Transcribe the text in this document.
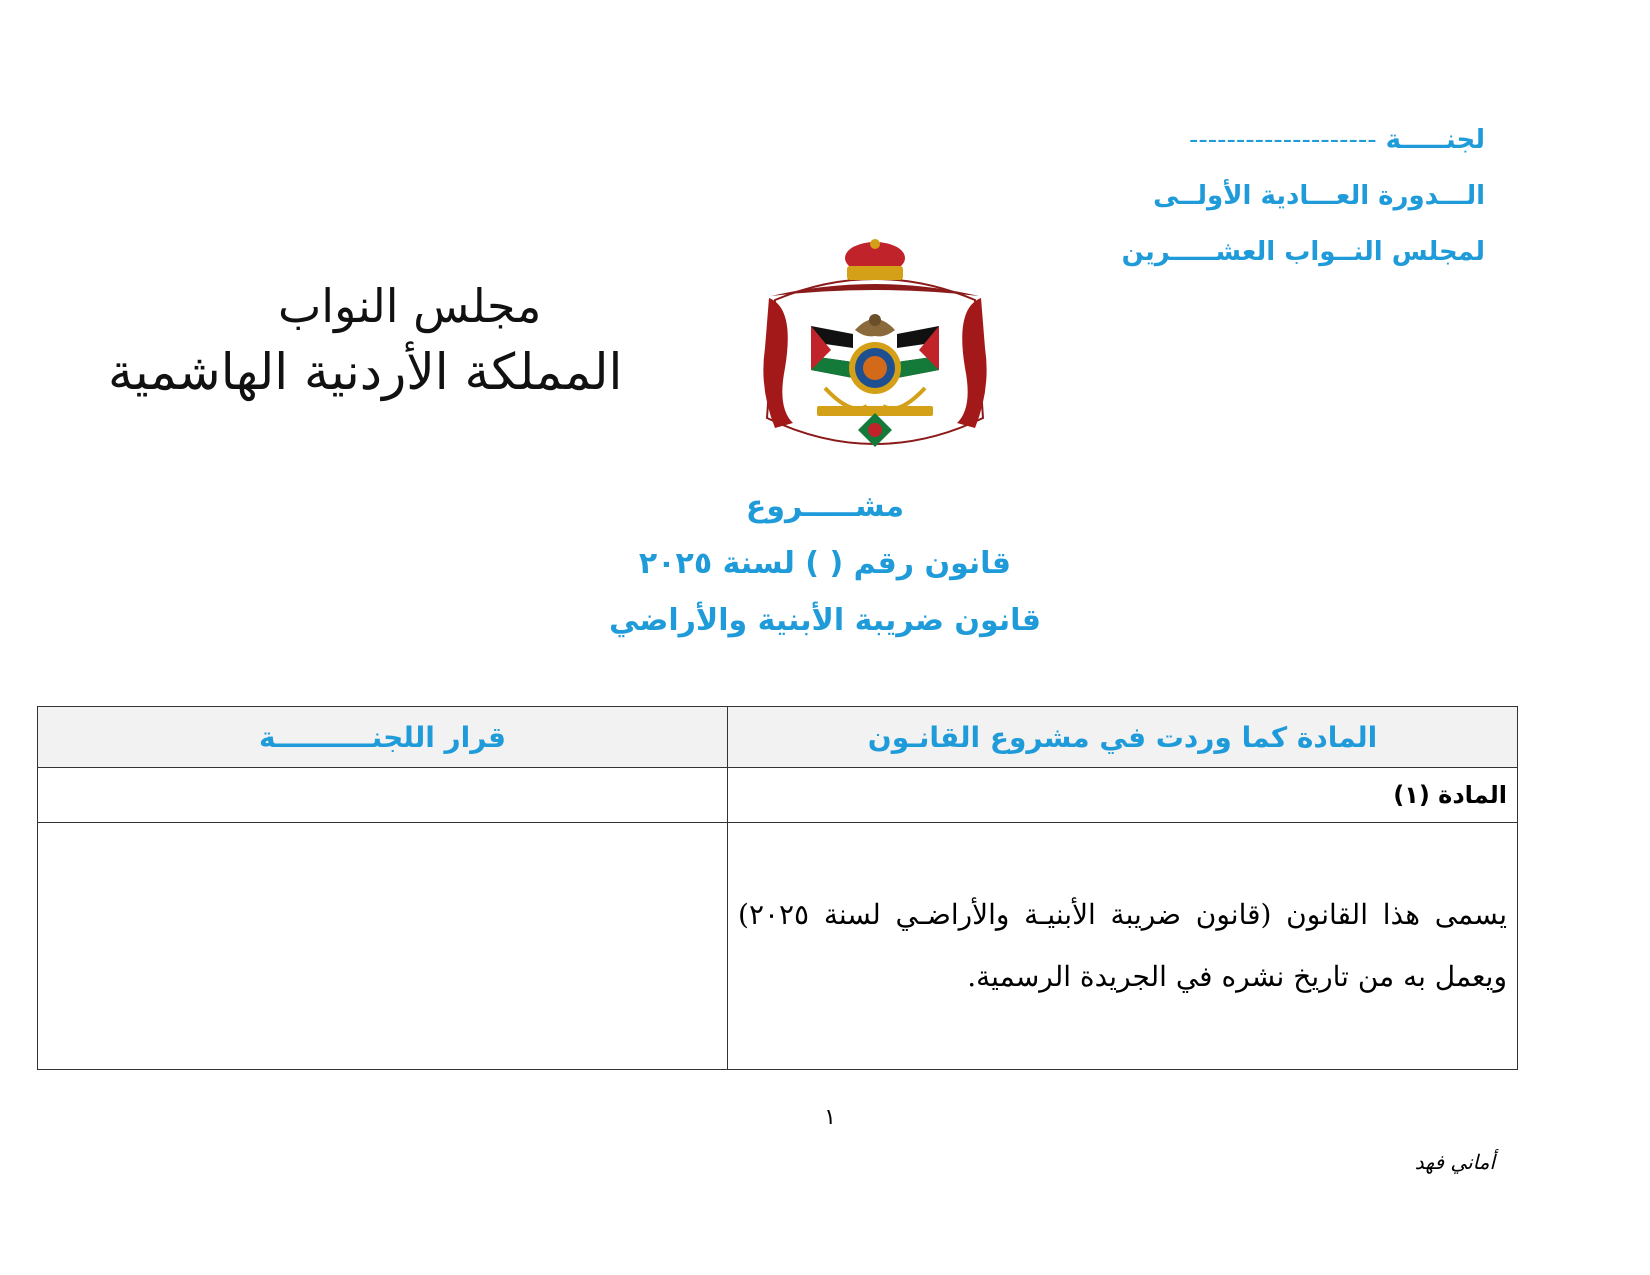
لجنـــــة --------------------
الـــدورة العـــادية الأولــى
لمجلس النــواب العشـــــرين
مجلس النواب
المملكة الأردنية الهاشمية
مشـــــروع
قانون رقم ( ) لسنة ٢٠٢٥
قانون ضريبة الأبنية والأراضي
المادة كما وردت في مشروع القانـون	قرار اللجنــــــــــة
المادة (١)	
يسمى هذا القانون (قانون ضريبة الأبنيـة والأراضـي لسنة ٢٠٢٥) ويعمل به من تاريخ نشره في الجريدة الرسمية.	
١
أماني فهد
